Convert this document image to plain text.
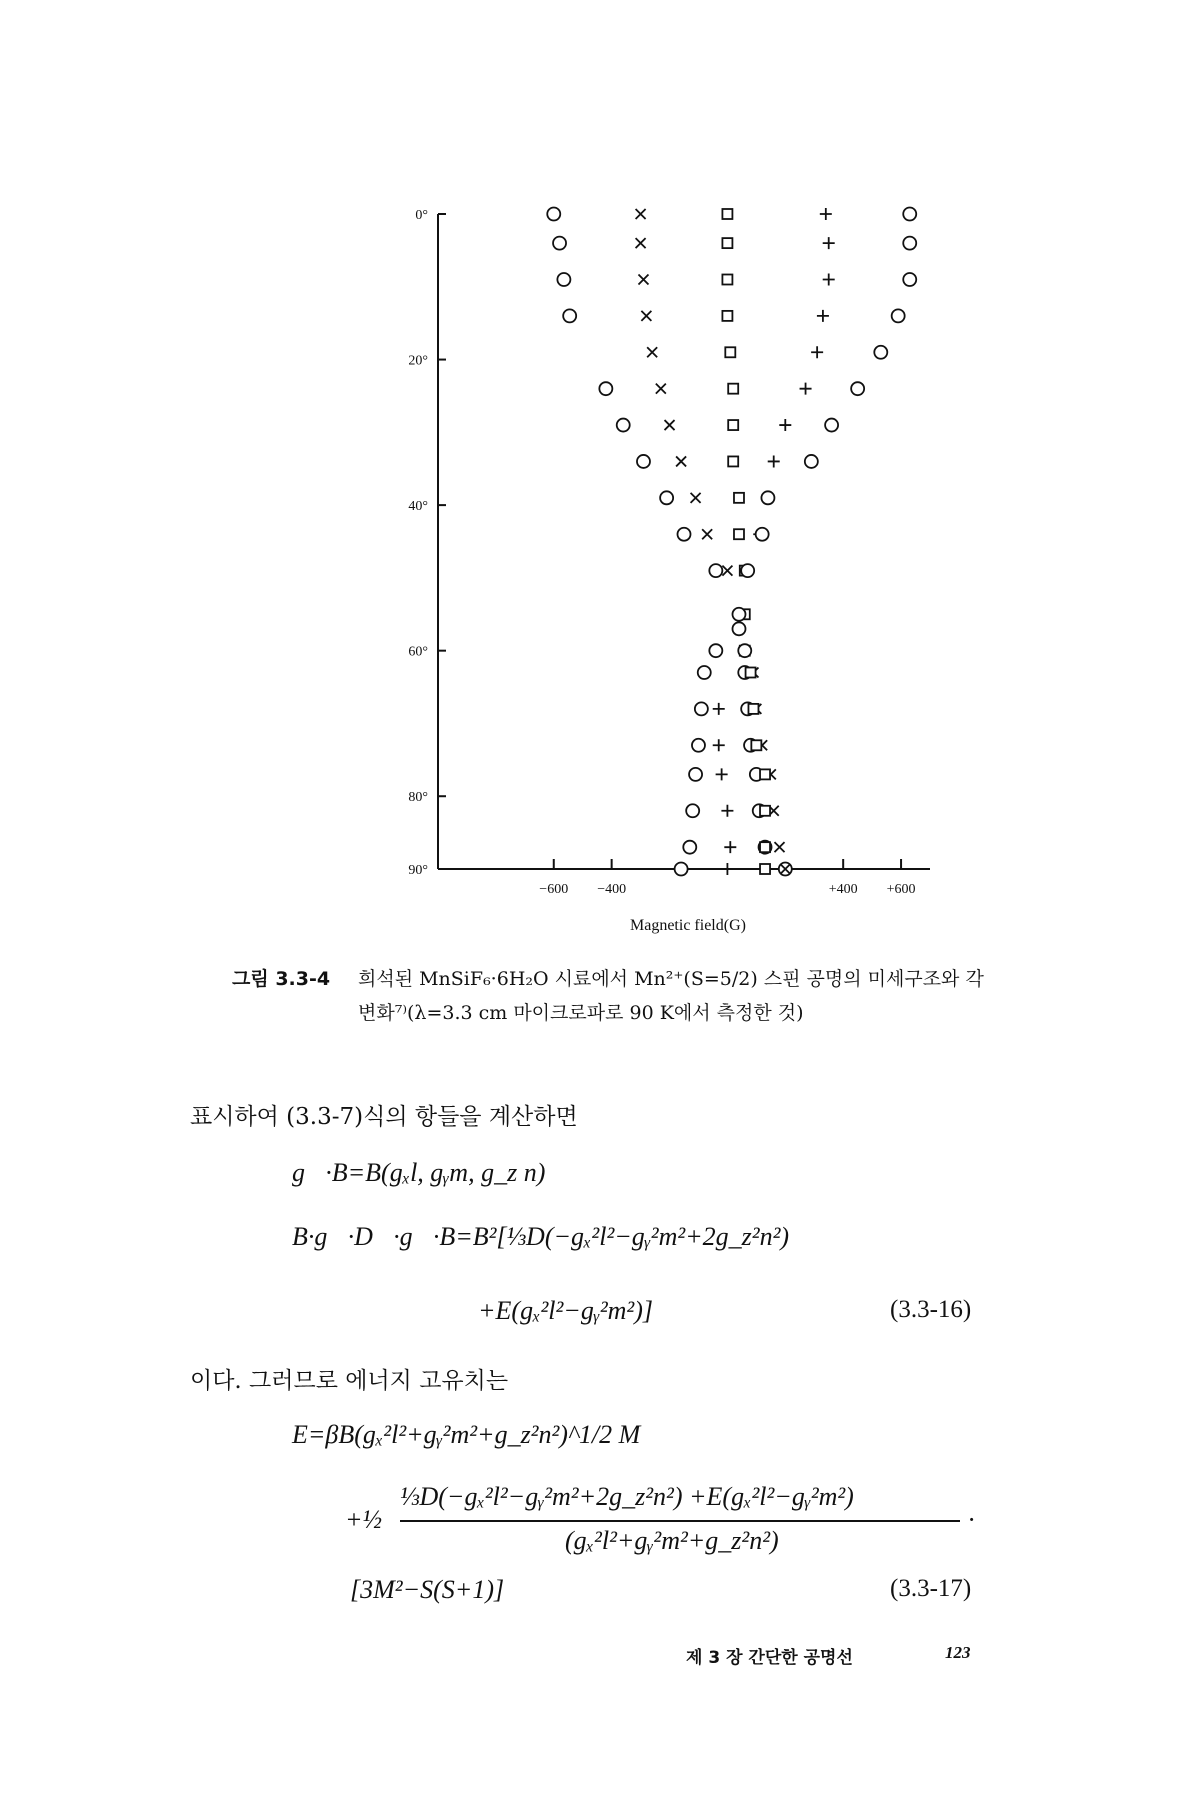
0°
20°
40°
60°
80°
90°
−600 −400	+400 +600
Magnetic field(G)
그림 3.3-4	희석된 MnSiF₆·6H₂O 시료에서 Mn²⁺(S=5/2) 스핀 공명의 미세구조와 각변화⁷⁾(λ=3.3 cm 마이크로파로 90 K에서 측정한 것)
표시하여 (3.3-7)식의 항들을 계산하면
g⃡·B=B(gₓl, gᵧm, g_z n)
B·g⃡·D⃡·g⃡·B=B²[⅓D(−gₓ²l²−gᵧ²m²+2g_z²n²)
+E(gₓ²l²−gᵧ²m²)]	(3.3-16)
이다. 그러므로 에너지 고유치는
E=βB(gₓ²l²+gᵧ²m²+g_z²n²)^1/2 M
+½
⅓D(−gₓ²l²−gᵧ²m²+2g_z²n²) +E(gₓ²l²−gᵧ²m²)
(gₓ²l²+gᵧ²m²+g_z²n²)
·
[3M²−S(S+1)]	(3.3-17)
제 3 장 간단한 공명선	123
